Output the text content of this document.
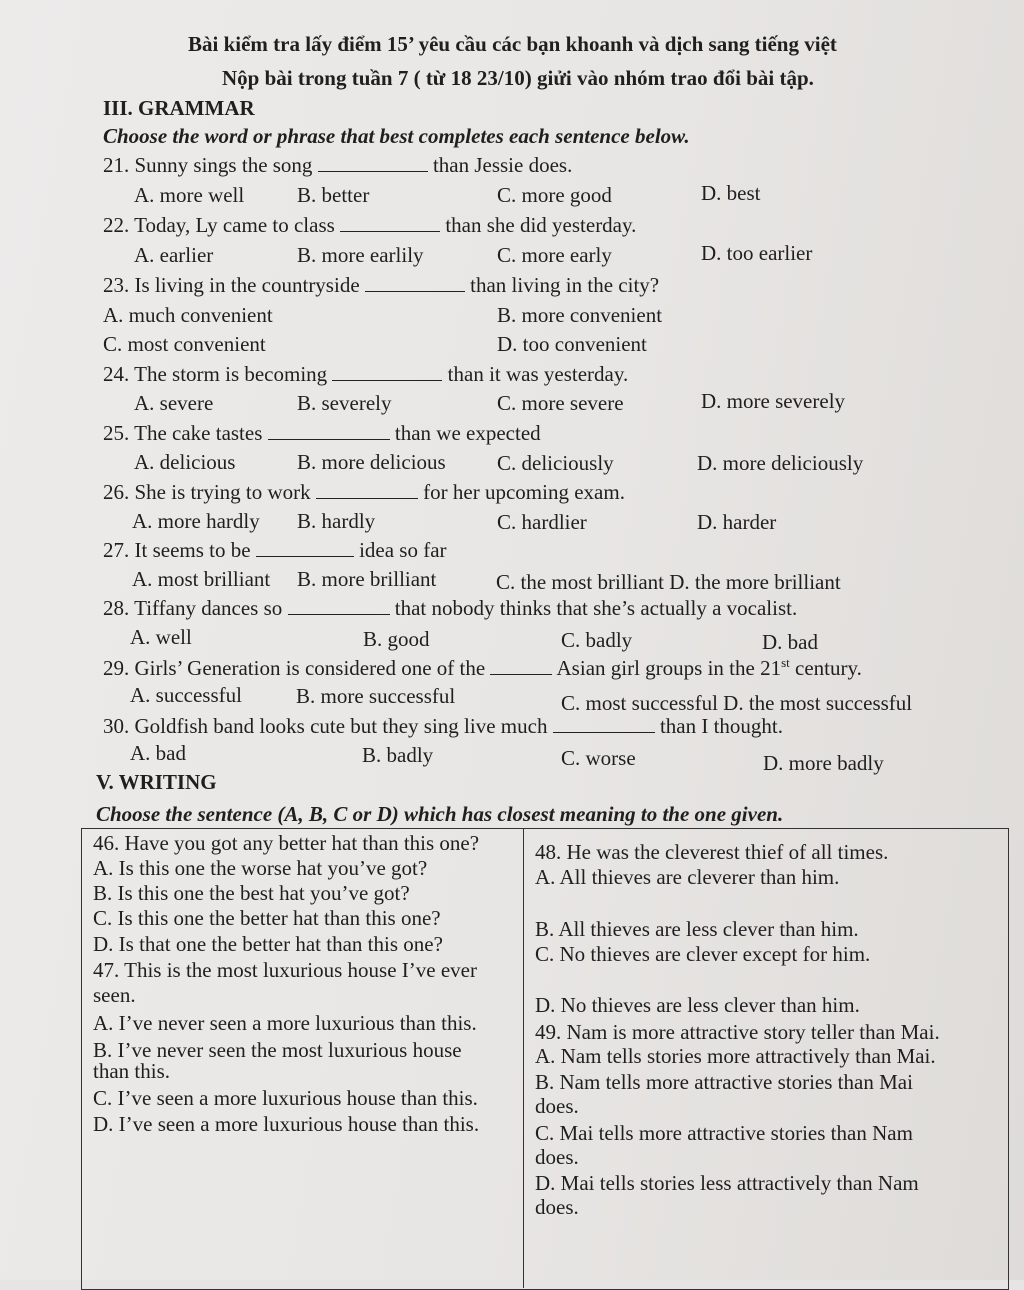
Bài kiểm tra lấy điểm 15’ yêu cầu các bạn khoanh và dịch sang tiếng việt
Nộp bài trong tuần 7 ( từ 18 23/10) giửi vào nhóm trao đổi bài tập.
III. GRAMMAR
Choose the word or phrase that best completes each sentence below.
21. Sunny sings the song	than Jessie does.
A. more well	B. better	C. more good	D. best
22. Today, Ly came to class	than she did yesterday.
A. earlier	B. more earlily	C. more early	D. too earlier
23. Is living in the countryside	than living in the city?
A. much convenient	B. more convenient
C. most convenient	D. too convenient
24. The storm is becoming	than it was yesterday.
A. severe	B. severely	C. more severe	D. more severely
25. The cake tastes	than we expected
A. delicious	B. more delicious C. deliciously	D. more deliciously
26. She is trying to work	for her upcoming exam.
A. more hardly B. hardly	C. hardlier	D. harder
27. It seems to be	idea so far
A. most brilliant B. more brilliant	C. the most brilliant D. the more brilliant
28. Tiffany dances so	that nobody thinks that she’s actually a vocalist.
A. well	B. good	C. badly	D. bad
29. Girls’ Generation is considered one of the	Asian girl groups in the 21st century.
A. successful	B. more successful	C. most successful D. the most successful
30. Goldfish band looks cute but they sing live much	than I thought.
A. bad	B. badly	C. worse	D. more badly
V. WRITING
Choose the sentence (A, B, C or D) which has closest meaning to the one given.
46. Have you got any better hat than this one?
A. Is this one the worse hat you’ve got?
B. Is this one the best hat you’ve got?
C. Is this one the better hat than this one?
D. Is that one the better hat than this one?
47. This is the most luxurious house I’ve ever
seen.
A. I’ve never seen a more luxurious than this.
B. I’ve never seen the most luxurious house
than this.
C. I’ve seen a more luxurious house than this.
D. I’ve seen a more luxurious house than this.
48. He was the cleverest thief of all times.
A. All thieves are cleverer than him.
B. All thieves are less clever than him.
C. No thieves are clever except for him.
D. No thieves are less clever than him.
49. Nam is more attractive story teller than Mai.
A. Nam tells stories more attractively than Mai.
B. Nam tells more attractive stories than Mai
does.
C. Mai tells more attractive stories than Nam
does.
D. Mai tells stories less attractively than Nam
does.
